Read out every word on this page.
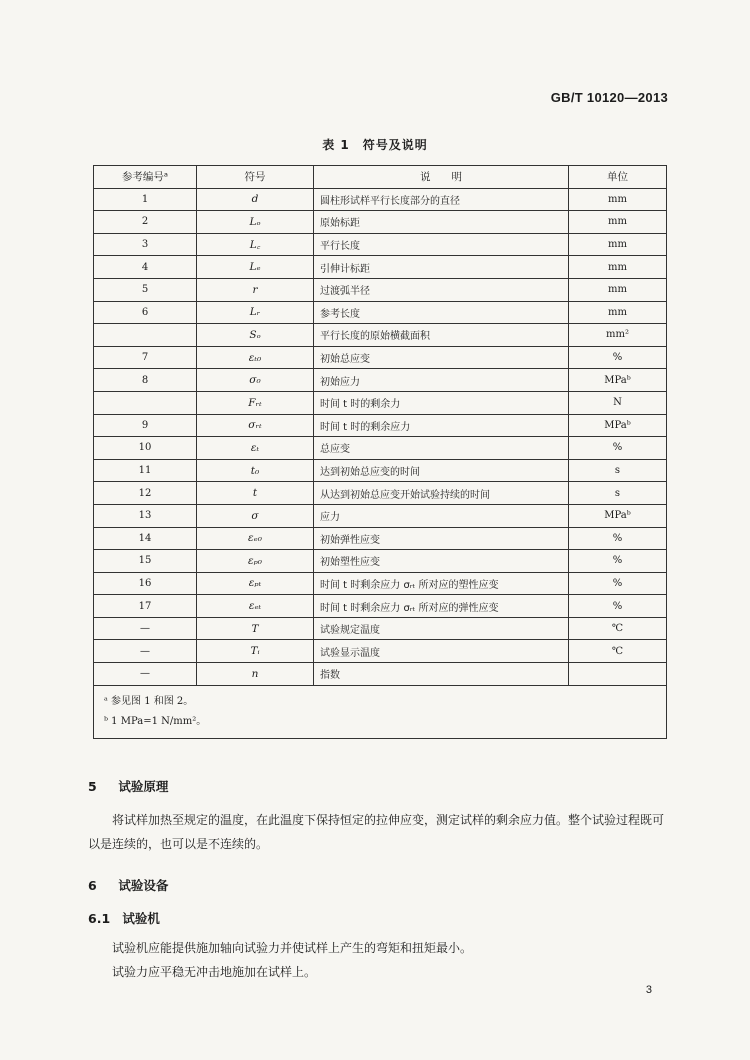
GB/T 10120—2013
表 1　符号及说明
参考编号ᵃ	符号	说　　明	单位
1	d	圆柱形试样平行长度部分的直径	mm
2	Lₒ	原始标距	mm
3	L꜀	平行长度	mm
4	Lₑ	引伸计标距	mm
5	r	过渡弧半径	mm
6	Lᵣ	参考长度	mm
	Sₒ	平行长度的原始横截面积	mm²
7	εₜ₀	初始总应变	%
8	σ₀	初始应力	MPaᵇ
	Fᵣₜ	时间 t 时的剩余力	N
9	σᵣₜ	时间 t 时的剩余应力	MPaᵇ
10	εₜ	总应变	%
11	t₀	达到初始总应变的时间	s
12	t	从达到初始总应变开始试验持续的时间	s
13	σ	应力	MPaᵇ
14	εₑ₀	初始弹性应变	%
15	εₚ₀	初始塑性应变	%
16	εₚₜ	时间 t 时剩余应力 σᵣₜ 所对应的塑性应变	%
17	εₑₜ	时间 t 时剩余应力 σᵣₜ 所对应的弹性应变	%
—	T	试验规定温度	℃
—	Tᵢ	试验显示温度	℃
—	n	指数	

ᵃ 参见图 1 和图 2。
ᵇ 1 MPa=1 N/mm²。			
5 试验原理
将试样加热至规定的温度，在此温度下保持恒定的拉伸应变，测定试样的剩余应力值。整个试验过程既可以是连续的，也可以是不连续的。
6 试验设备
6.1 试验机
试验机应能提供施加轴向试验力并使试样上产生的弯矩和扭矩最小。
试验力应平稳无冲击地施加在试样上。
3
